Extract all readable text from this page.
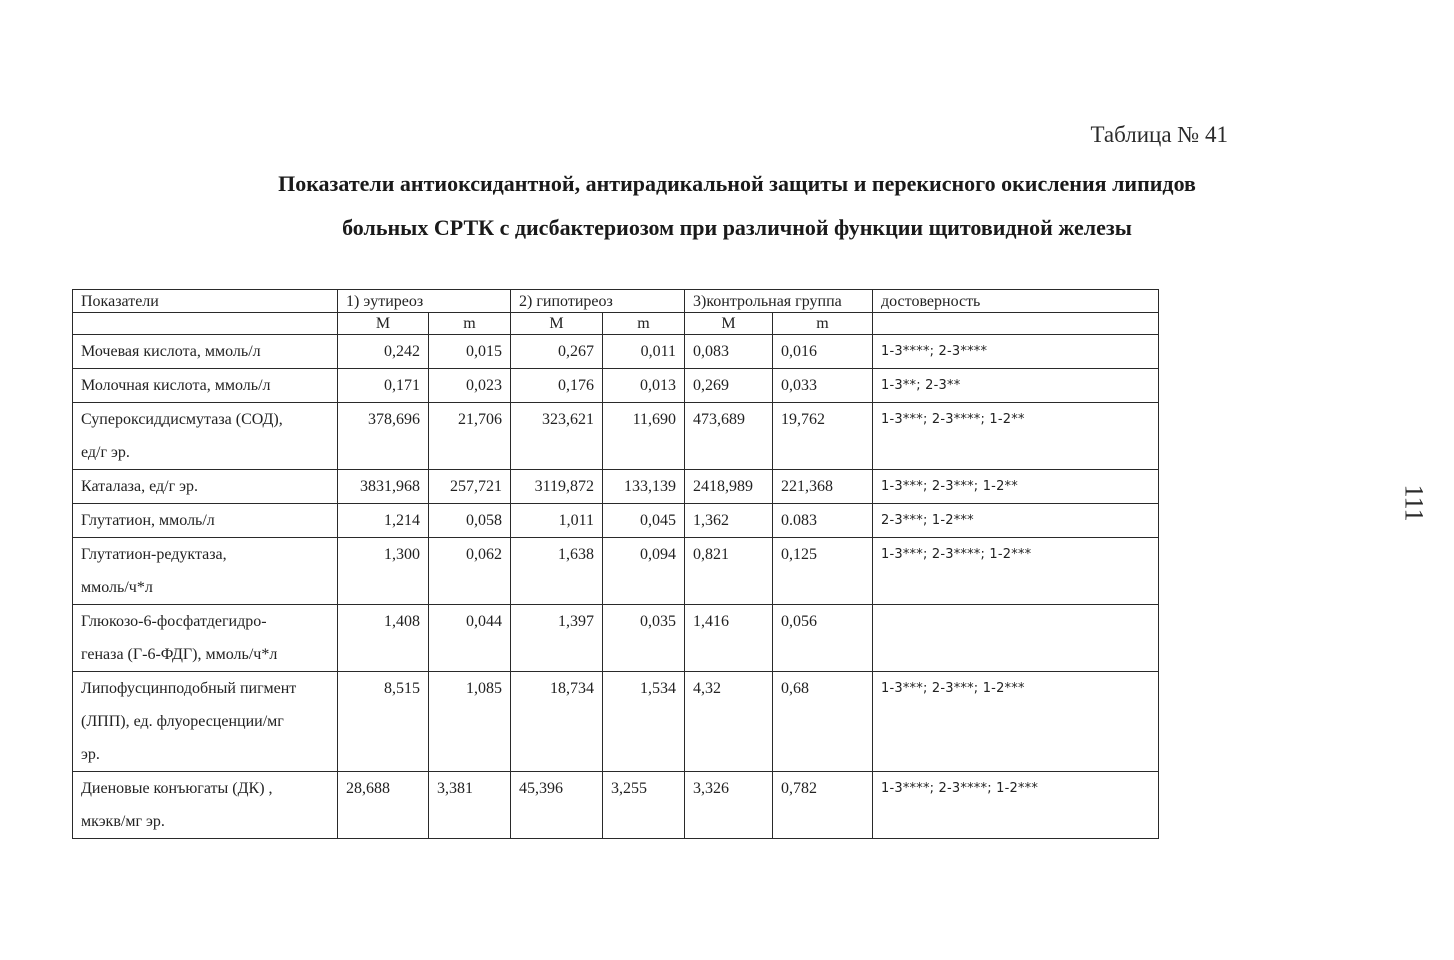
Таблица № 41
Показатели антиоксидантной, антирадикальной защиты и перекисного окисления липидов
больных СРТК с дисбактериозом при различной функции щитовидной железы
Показатели	1) эутиреоз		2) гипотиреоз		3)контрольная группа		достоверность
	М	m	М	m	М	m	

Мочевая кислота, ммоль/л	0,242	0,015	0,267	0,011	0,083	0,016	1-3****; 2-3****

Молочная кислота, ммоль/л	0,171	0,023	0,176	0,013	0,269	0,033	1-3**; 2-3**

Супероксиддисмутаза (СОД),
ед/г эр.	378,696	21,706	323,621	11,690	473,689	19,762	1-3***; 2-3****; 1-2**

Каталаза, ед/г эр.	3831,968	257,721	3119,872	133,139	2418,989	221,368	1-3***; 2-3***; 1-2**

Глутатион, ммоль/л	1,214	0,058	1,011	0,045	1,362	0.083	2-3***; 1-2***

Глутатион-редуктаза,
ммоль/ч*л	1,300	0,062	1,638	0,094	0,821	0,125	1-3***; 2-3****; 1-2***

Глюкозо-6-фосфатдегидро-
геназа (Г-6-ФДГ), ммоль/ч*л	1,408	0,044	1,397	0,035	1,416	0,056	

Липофусцинподобный пигмент
(ЛПП), ед. флуоресценции/мг
эр.	8,515	1,085	18,734	1,534	4,32	0,68	1-3***; 2-3***; 1-2***

Диеновые конъюгаты (ДК) ,
мкэкв/мг эр.	28,688	3,381	45,396	3,255	3,326	0,782	1-3****; 2-3****; 1-2***
111
